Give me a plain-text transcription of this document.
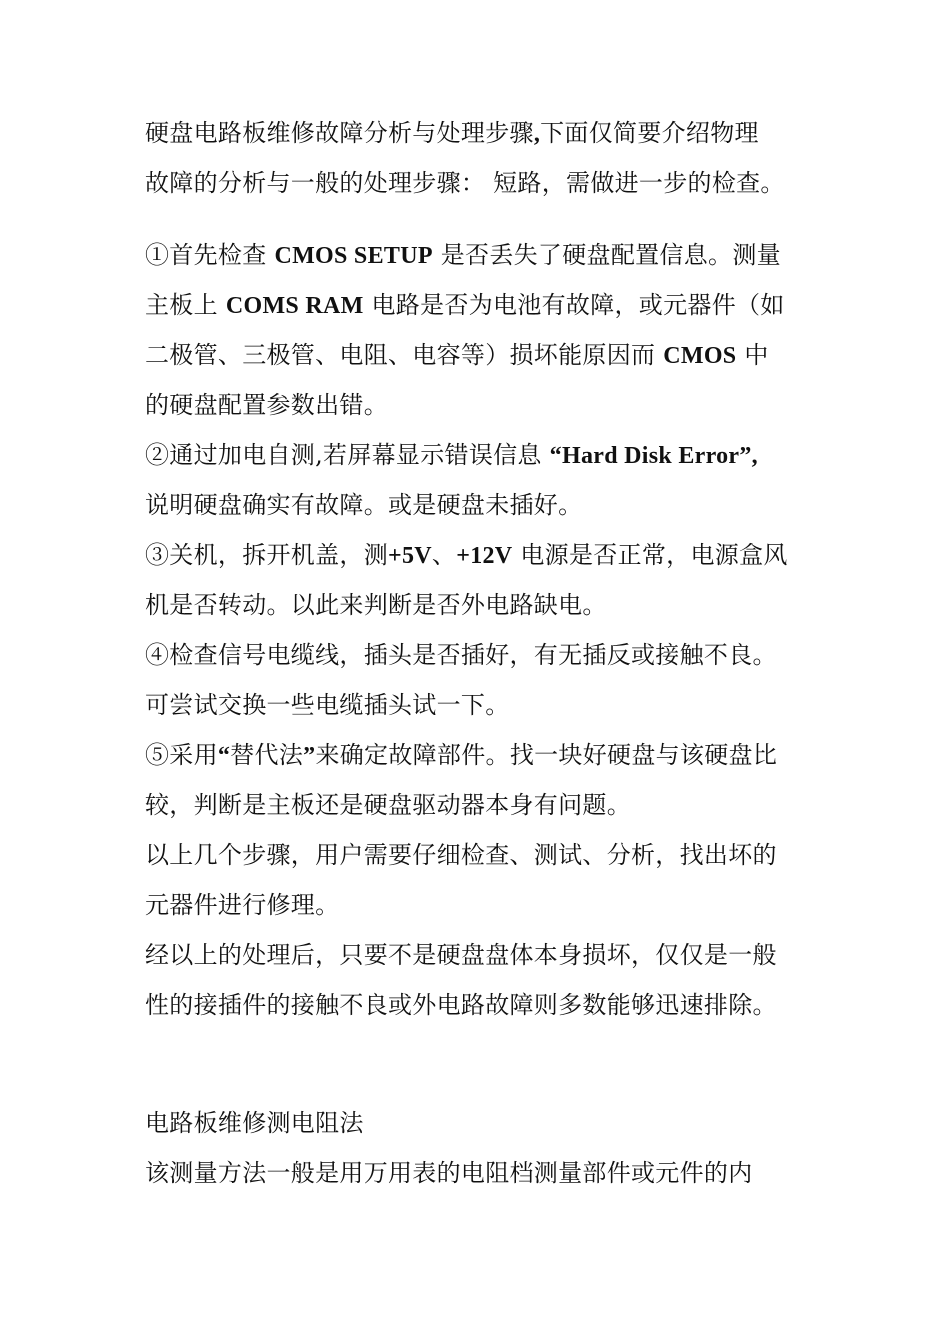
硬盘电路板维修故障分析与处理步骤,下面仅简要介绍物理
故障的分析与一般的处理步骤： 短路，需做进一步的检查。
①首先检查 CMOS SETUP 是否丢失了硬盘配置信息。测量
主板上 COMS RAM 电路是否为电池有故障，或元器件（如
二极管、三极管、电阻、电容等）损坏能原因而 CMOS 中
的硬盘配置参数出错。
②通过加电自测,若屏幕显示错误信息 “Hard Disk Error”,
说明硬盘确实有故障。或是硬盘未插好。
③关机，拆开机盖，测+5V、+12V 电源是否正常，电源盒风
机是否转动。以此来判断是否外电路缺电。
④检查信号电缆线，插头是否插好，有无插反或接触不良。
可尝试交换一些电缆插头试一下。
⑤采用“替代法”来确定故障部件。找一块好硬盘与该硬盘比
较，判断是主板还是硬盘驱动器本身有问题。
以上几个步骤，用户需要仔细检查、测试、分析，找出坏的
元器件进行修理。
经以上的处理后，只要不是硬盘盘体本身损坏，仅仅是一般
性的接插件的接触不良或外电路故障则多数能够迅速排除。
电路板维修测电阻法
该测量方法一般是用万用表的电阻档测量部件或元件的内
